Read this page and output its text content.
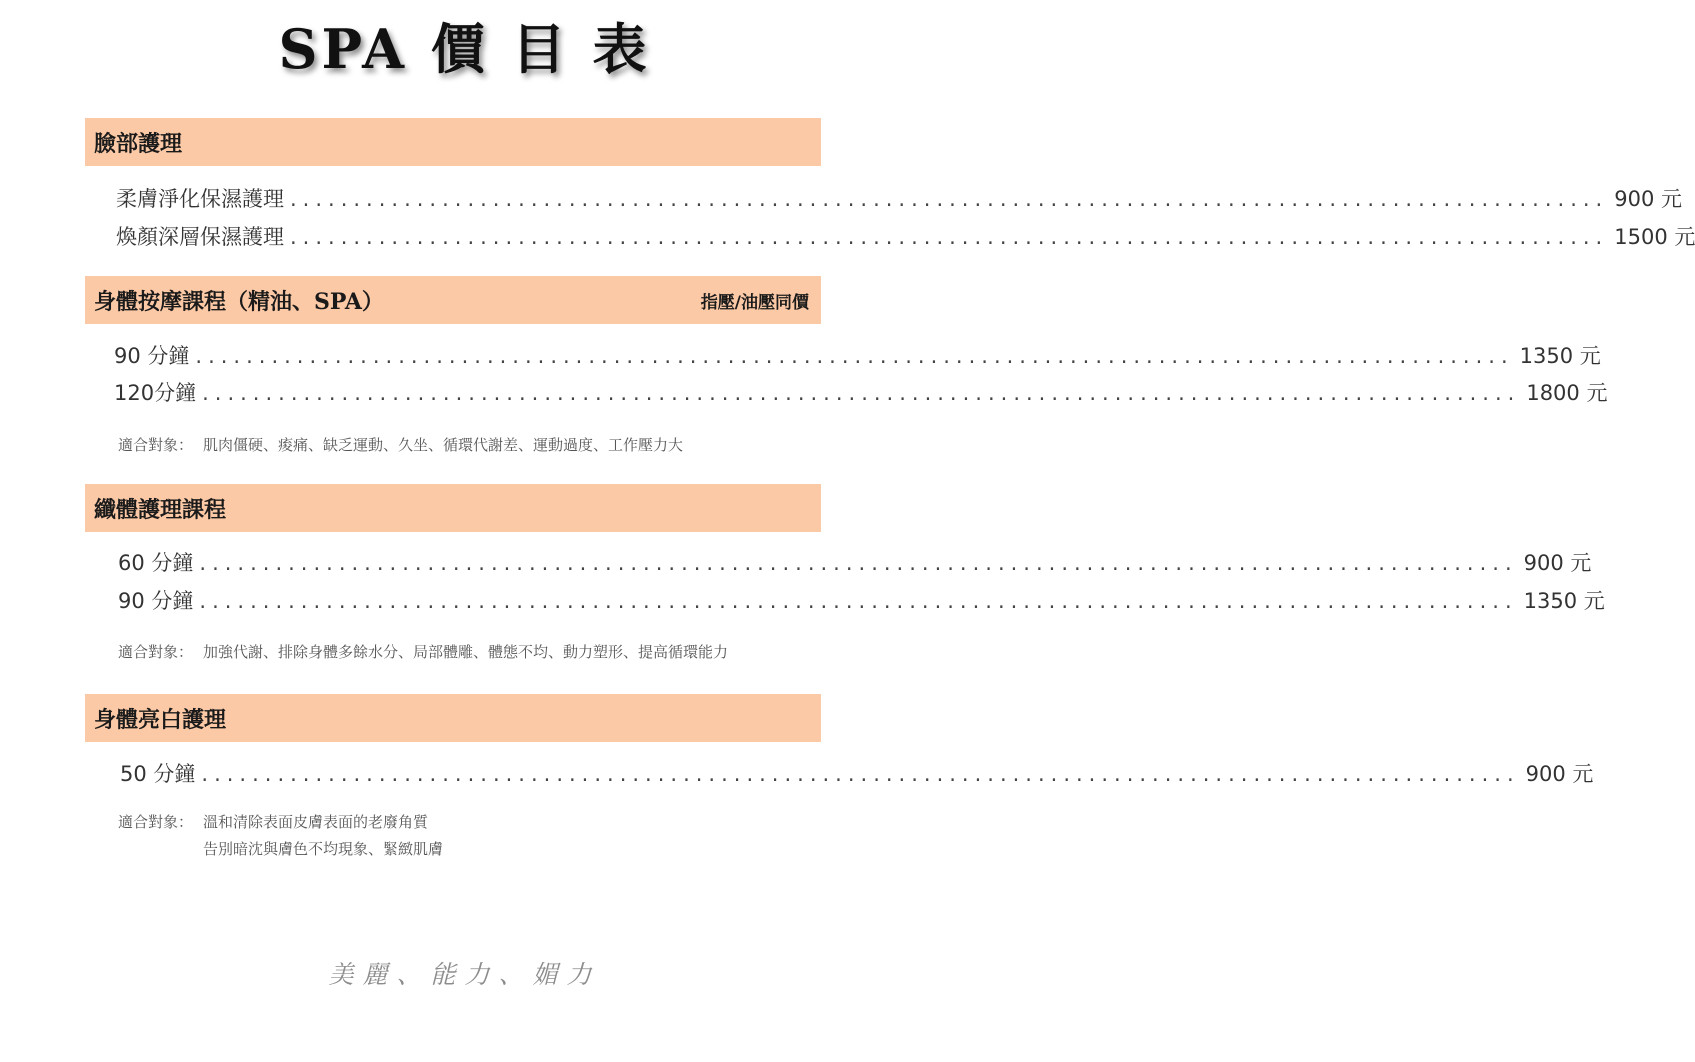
SPA 價 目 表
臉部護理
柔膚淨化保濕護理 ........................................................................................................ 900 元
煥顏深層保濕護理 ........................................................................................................ 1500 元
身體按摩課程（精油、SPA）	指壓/油壓同價
90 分鐘 ........................................................................................................ 1350 元
120分鐘 ........................................................................................................ 1800 元
適合對象： 肌肉僵硬、痠痛、缺乏運動、久坐、循環代謝差、運動過度、工作壓力大
纖體護理課程
60 分鐘 ........................................................................................................ 900 元
90 分鐘 ........................................................................................................ 1350 元
適合對象： 加強代謝、排除身體多餘水分、局部體雕、體態不均、動力塑形、提高循環能力
身體亮白護理
50 分鐘 ........................................................................................................ 900 元
適合對象： 溫和清除表面皮膚表面的老廢角質
告別暗沈與膚色不均現象、緊緻肌膚
美麗、能力、媚力
